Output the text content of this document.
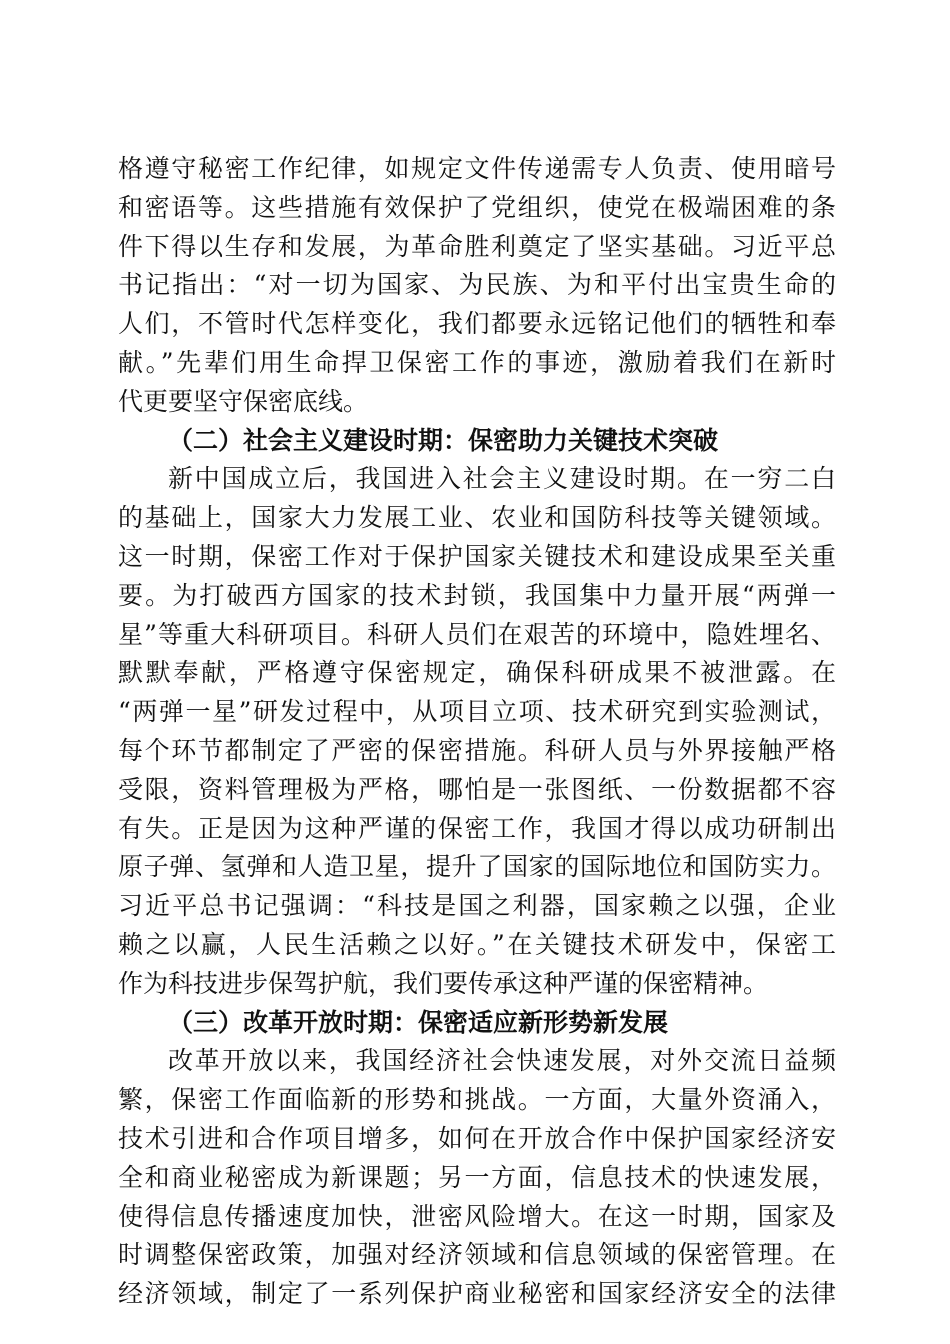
格遵守秘密工作纪律，如规定文件传递需专人负责、使用暗号
和密语等。这些措施有效保护了党组织，使党在极端困难的条
件下得以生存和发展，为革命胜利奠定了坚实基础。习近平总
书记指出：“对一切为国家、为民族、为和平付出宝贵生命的
人们，不管时代怎样变化，我们都要永远铭记他们的牺牲和奉
献。”先辈们用生命捍卫保密工作的事迹，激励着我们在新时
代更要坚守保密底线。
（二）社会主义建设时期：保密助力关键技术突破
新中国成立后，我国进入社会主义建设时期。在一穷二白
的基础上，国家大力发展工业、农业和国防科技等关键领域。
这一时期，保密工作对于保护国家关键技术和建设成果至关重
要。为打破西方国家的技术封锁，我国集中力量开展“两弹一
星”等重大科研项目。科研人员们在艰苦的环境中，隐姓埋名、
默默奉献，严格遵守保密规定，确保科研成果不被泄露。在
“两弹一星”研发过程中，从项目立项、技术研究到实验测试，
每个环节都制定了严密的保密措施。科研人员与外界接触严格
受限，资料管理极为严格，哪怕是一张图纸、一份数据都不容
有失。正是因为这种严谨的保密工作，我国才得以成功研制出
原子弹、氢弹和人造卫星，提升了国家的国际地位和国防实力。
习近平总书记强调：“科技是国之利器，国家赖之以强，企业
赖之以赢，人民生活赖之以好。”在关键技术研发中，保密工
作为科技进步保驾护航，我们要传承这种严谨的保密精神。
（三）改革开放时期：保密适应新形势新发展
改革开放以来，我国经济社会快速发展，对外交流日益频
繁，保密工作面临新的形势和挑战。一方面，大量外资涌入，
技术引进和合作项目增多，如何在开放合作中保护国家经济安
全和商业秘密成为新课题；另一方面，信息技术的快速发展，
使得信息传播速度加快，泄密风险增大。在这一时期，国家及
时调整保密政策，加强对经济领域和信息领域的保密管理。在
经济领域，制定了一系列保护商业秘密和国家经济安全的法律
